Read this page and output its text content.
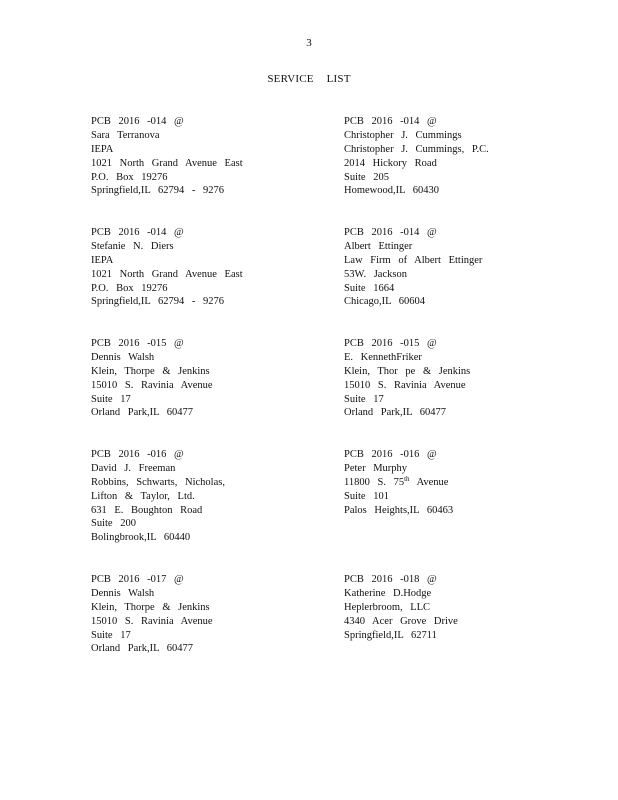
3
SERVICE LIST
PCB 2016 -014 @
Sara Terranova
IEPA
1021 North Grand Avenue East
P.O. Box 19276
Springfield,IL 62794 - 9276
PCB 2016 -014 @
Christopher J. Cummings
Christopher J. Cummings, P.C.
2014 Hickory Road
Suite 205
Homewood,IL 60430
PCB 2016 -014 @
Stefanie N. Diers
IEPA
1021 North Grand Avenue East
P.O. Box 19276
Springfield,IL 62794 - 9276
PCB 2016 -014 @
Albert Ettinger
Law Firm of Albert Ettinger
53W. Jackson
Suite 1664
Chicago,IL 60604
PCB 2016 -015 @
Dennis Walsh
Klein, Thorpe & Jenkins
15010 S. Ravinia Avenue
Suite 17
Orland Park,IL 60477
PCB 2016 -015 @
E. KennethFriker
Klein, Thor pe & Jenkins
15010 S. Ravinia Avenue
Suite 17
Orland Park,IL 60477
PCB 2016 -016 @
David J. Freeman
Robbins, Schwarts, Nicholas,
Lifton & Taylor, Ltd.
631 E. Boughton Road
Suite 200
Bolingbrook,IL 60440
PCB 2016 -016 @
Peter Murphy
11800 S. 75th Avenue
Suite 101
Palos Heights,IL 60463
PCB 2016 -017 @
Dennis Walsh
Klein, Thorpe & Jenkins
15010 S. Ravinia Avenue
Suite 17
Orland Park,IL 60477
PCB 2016 -018 @
Katherine D.Hodge
Heplerbroom, LLC
4340 Acer Grove Drive
Springfield,IL 62711
